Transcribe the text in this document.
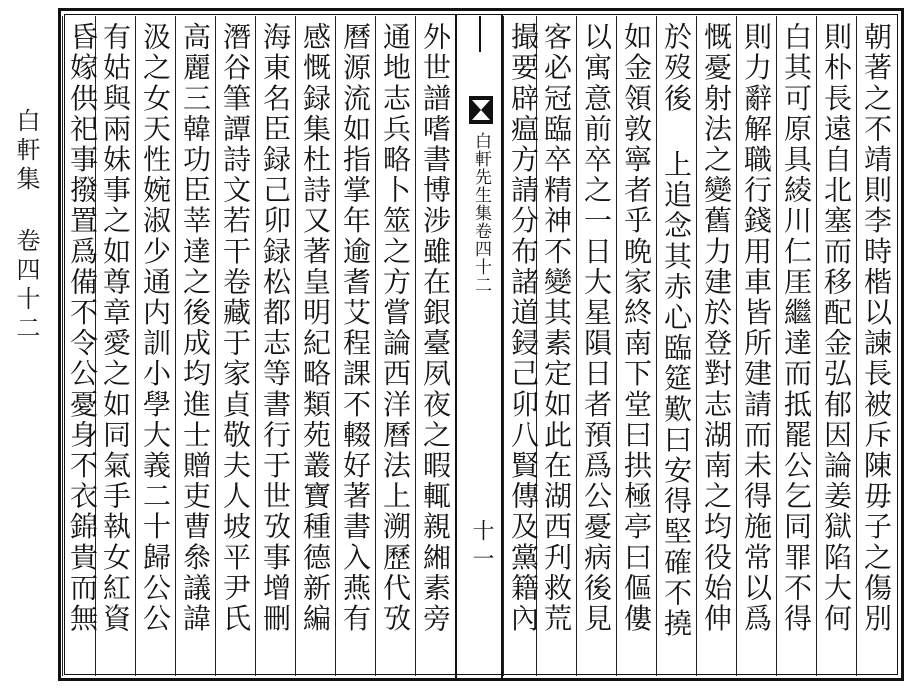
白軒集 卷四十二	朝著之不靖則李時楷以諫長被斥陳毋子之傷別
則朴長遠自北塞而移配金弘郁因論姜獄陷大何
白其可原具綾川仁厓繼達而抵罷公乞同罪不得
則力辭解職行錢用車皆所建請而未得施常以爲
慨憂射法之變舊力建於登對志湖南之均役始伸
於歿後 上追念其赤心臨筵歎曰安得堅確不撓
如金領敦寧者乎晩家終南下堂曰拱極亭曰傴僂
以寓意前卒之一日大星隕日者預爲公憂病後見
客必冠臨卒精神不變其素定如此在湖西刋救荒
撮要辟瘟方請分布諸道鋟己卯八賢傳及黨籍內
白軒先生集卷四十二
十一
外世譜嗜書博涉雖在銀臺夙夜之暇輒親緗素旁
通地志兵略卜筮之方嘗論西洋曆法上溯歷代攷
曆源流如指掌年逾耆艾程課不輟好著書入燕有
感慨録集杜詩又著皇明紀略類苑叢寶種德新編
海東名臣録己卯録松都志等書行于世攷事增刪
潛谷筆譚詩文若干卷藏于家貞敬夫人坡平尹氏
高麗三韓功臣莘達之後成均進士贈吏曹叅議諱
汲之女天性婉淑少通内訓小學大義二十歸公公
有姑與兩妹事之如尊章愛之如同氣手執女紅資
昏嫁供祀事撥置爲備不令公憂身不衣錦貴而無
